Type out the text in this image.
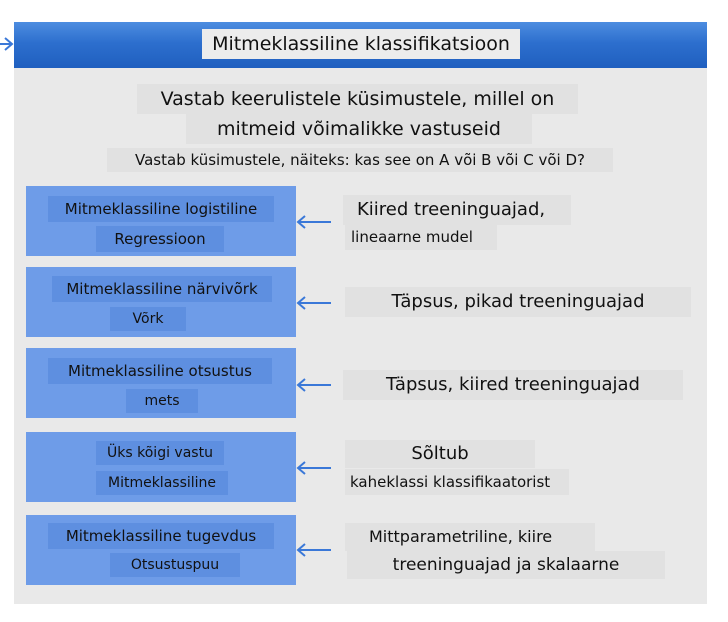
Mitmeklassiline klassifikatsioon
Vastab keerulistele küsimustele, millel on
mitmeid võimalikke vastuseid
Vastab küsimustele, näiteks: kas see on A või B või C või D?
Mitmeklassiline logistiline
Regressioon
Kiired treeninguajad,
lineaarne mudel
Mitmeklassiline närvivõrk
Võrk
Täpsus, pikad treeninguajad
Mitmeklassiline otsustus
mets
Täpsus, kiired treeninguajad
Üks kõigi vastu
Mitmeklassiline
Sõltub
kaheklassi klassifikaatorist
Mitmeklassiline tugevdus
Otsustuspuu
Mittparametriline, kiire
treeninguajad ja skalaarne
